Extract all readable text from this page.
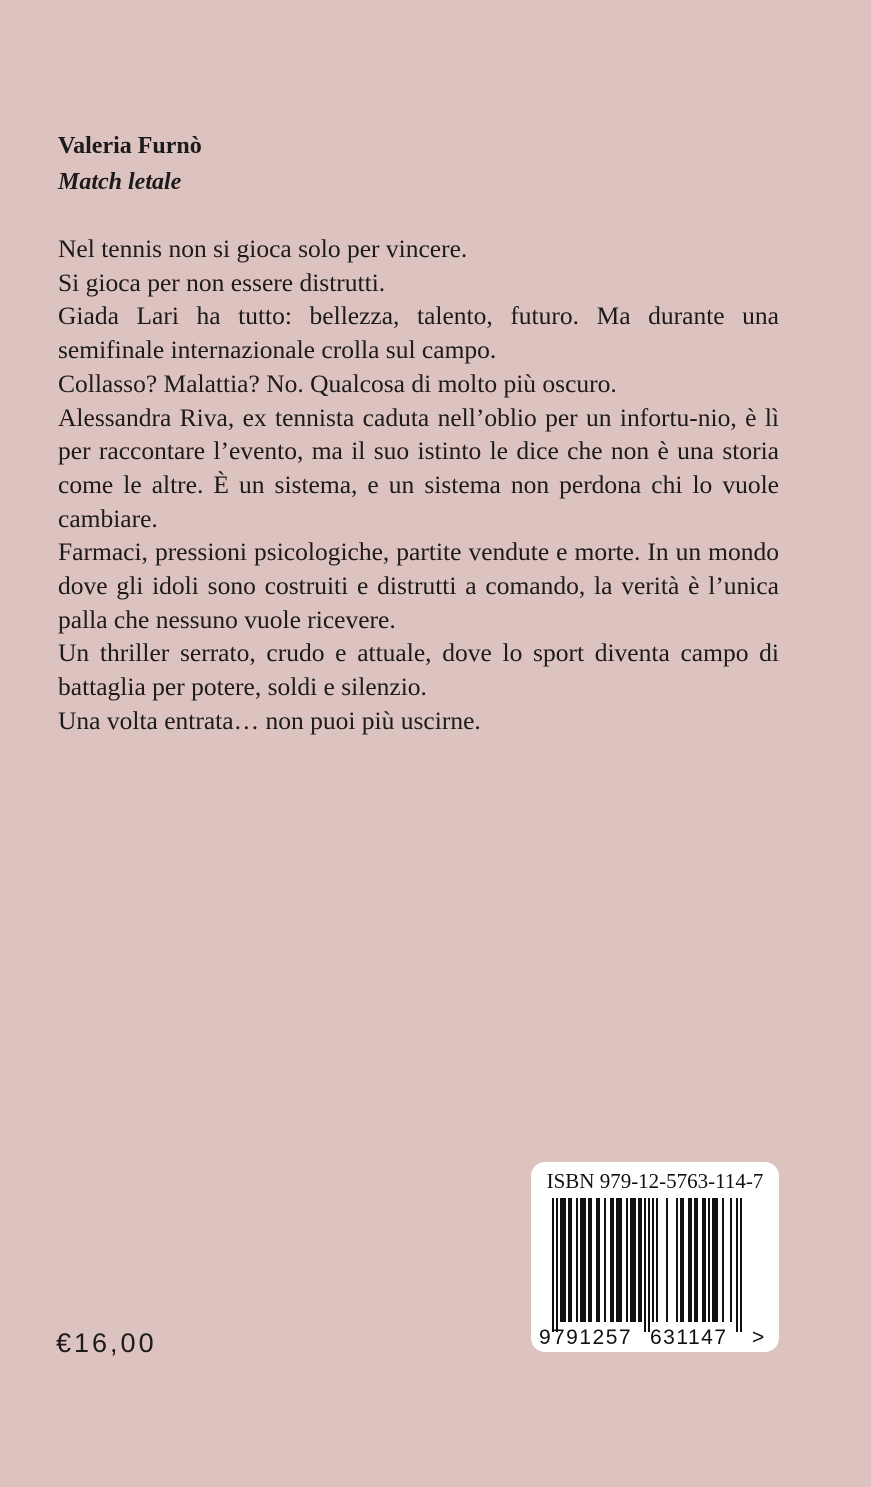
Valeria Furnò
Match letale

Nel tennis non si gioca solo per vincere.

Si gioca per non essere distrutti.

Giada Lari ha tutto: bellezza, talento, futuro. Ma durante una semifinale internazionale crolla sul campo.

Collasso? Malattia? No. Qualcosa di molto più oscuro.

Alessandra Riva, ex tennista caduta nell’oblio per un infortu-nio, è lì per raccontare l’evento, ma il suo istinto le dice che non è una storia come le altre. È un sistema, e un sistema non perdona chi lo vuole cambiare.

Farmaci, pressioni psicologiche, partite vendute e morte. In un mondo dove gli idoli sono costruiti e distrutti a comando, la verità è l’unica palla che nessuno vuole ricevere.

Un thriller serrato, crudo e attuale, dove lo sport diventa campo di battaglia per potere, soldi e silenzio.

Una volta entrata… non puoi più uscirne.

€16,00
ISBN 979-12-5763-114-7
9 791257 631147 >
